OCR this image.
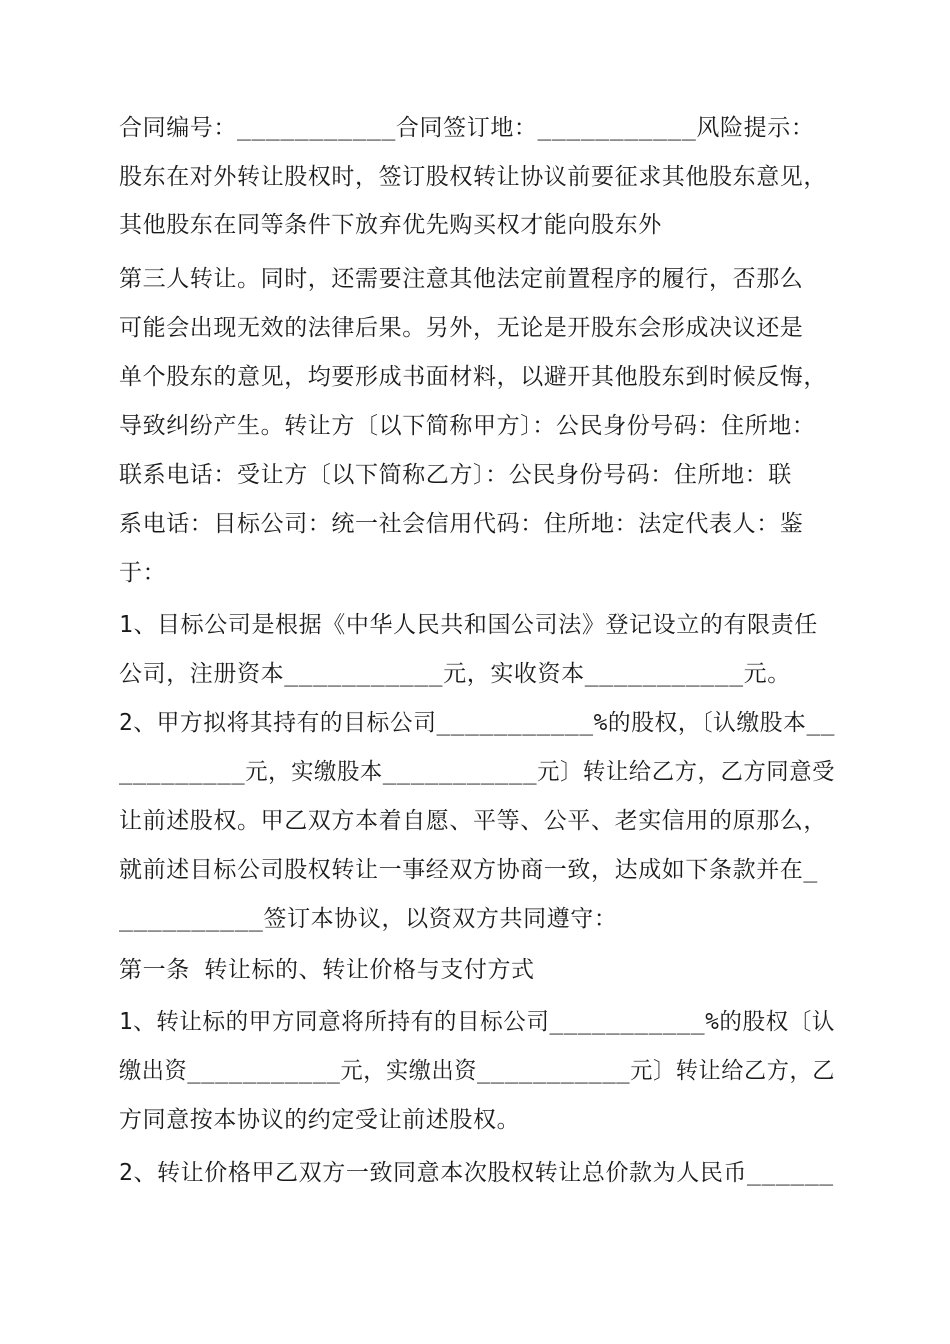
合同编号：___________合同签订地：___________风险提示：
股东在对外转让股权时，签订股权转让协议前要征求其他股东意见，
其他股东在同等条件下放弃优先购买权才能向股东外
第三人转让。同时，还需要注意其他法定前置程序的履行，否那么
可能会出现无效的法律后果。另外，无论是开股东会形成决议还是
单个股东的意见，均要形成书面材料，以避开其他股东到时候反悔，
导致纠纷产生。转让方〔以下简称甲方〕：公民身份号码：住所地：
联系电话：受让方〔以下简称乙方〕：公民身份号码：住所地：联
系电话：目标公司：统一社会信用代码：住所地：法定代表人：鉴
于：
1、目标公司是根据《中华人民共和国公司法》登记设立的有限责任
公司，注册资本___________元，实收资本___________元。
2、甲方拟将其持有的目标公司___________%的股权，〔认缴股本__
_________元，实缴股本___________元〕转让给乙方，乙方同意受
让前述股权。甲乙双方本着自愿、平等、公平、老实信用的原那么，
就前述目标公司股权转让一事经双方协商一致，达成如下条款并在_
__________签订本协议，以资双方共同遵守：
第一条 转让标的、转让价格与支付方式
1、转让标的甲方同意将所持有的目标公司___________%的股权〔认
缴出资___________元，实缴出资___________元〕转让给乙方，乙
方同意按本协议的约定受让前述股权。
2、转让价格甲乙双方一致同意本次股权转让总价款为人民币______
